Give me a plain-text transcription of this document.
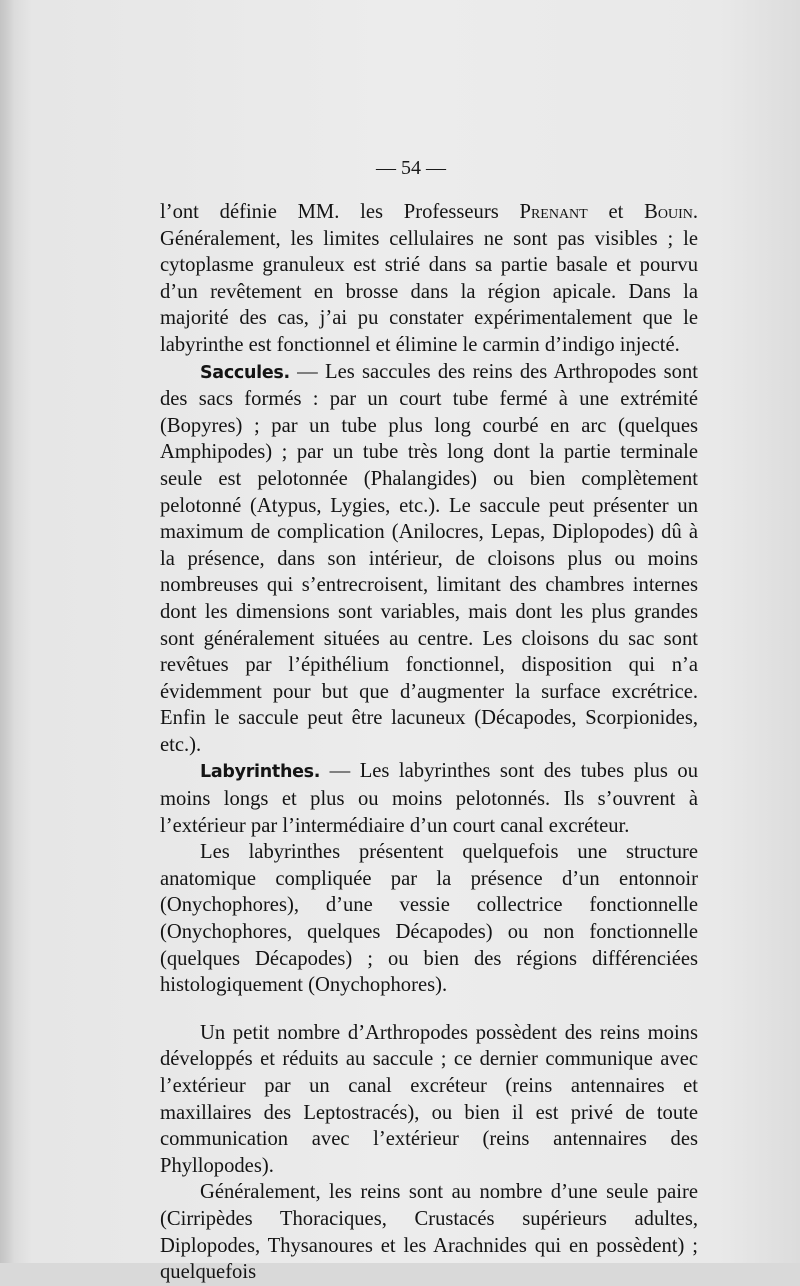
— 54 —

l’ont définie MM. les Professeurs Prenant et Bouin. Généralement, les limites cellulaires ne sont pas visibles ; le cytoplasme granuleux est strié dans sa partie basale et pourvu d’un revêtement en brosse dans la région apicale. Dans la majorité des cas, j’ai pu constater expérimentalement que le labyrinthe est fonctionnel et élimine le carmin d’indigo injecté.

Saccules. — Les saccules des reins des Arthropodes sont des sacs formés : par un court tube fermé à une extrémité (Bopyres) ; par un tube plus long courbé en arc (quelques Amphipodes) ; par un tube très long dont la partie terminale seule est pelotonnée (Phalangides) ou bien complètement pelotonné (Atypus, Lygies, etc.). Le saccule peut présenter un maximum de complication (Anilocres, Lepas, Diplopodes) dû à la présence, dans son intérieur, de cloisons plus ou moins nombreuses qui s’entrecroisent, limitant des chambres internes dont les dimensions sont variables, mais dont les plus grandes sont généralement situées au centre. Les cloisons du sac sont revêtues par l’épithélium fonctionnel, disposition qui n’a évidemment pour but que d’augmenter la surface excrétrice. Enfin le saccule peut être lacuneux (Décapodes, Scorpionides, etc.).

Labyrinthes. — Les labyrinthes sont des tubes plus ou moins longs et plus ou moins pelotonnés. Ils s’ouvrent à l’extérieur par l’intermédiaire d’un court canal excréteur.

Les labyrinthes présentent quelquefois une structure anatomique compliquée par la présence d’un entonnoir (Onychophores), d’une vessie collectrice fonctionnelle (Onychophores, quelques Décapodes) ou non fonctionnelle (quelques Décapodes) ; ou bien des régions différenciées histologiquement (Onychophores).

Un petit nombre d’Arthropodes possèdent des reins moins développés et réduits au saccule ; ce dernier communique avec l’extérieur par un canal excréteur (reins antennaires et maxillaires des Leptostracés), ou bien il est privé de toute communication avec l’extérieur (reins antennaires des Phyllopodes).

Généralement, les reins sont au nombre d’une seule paire (Cirripèdes Thoraciques, Crustacés supérieurs adultes, Diplopodes, Thysanoures et les Arachnides qui en possèdent) ; quelquefois
